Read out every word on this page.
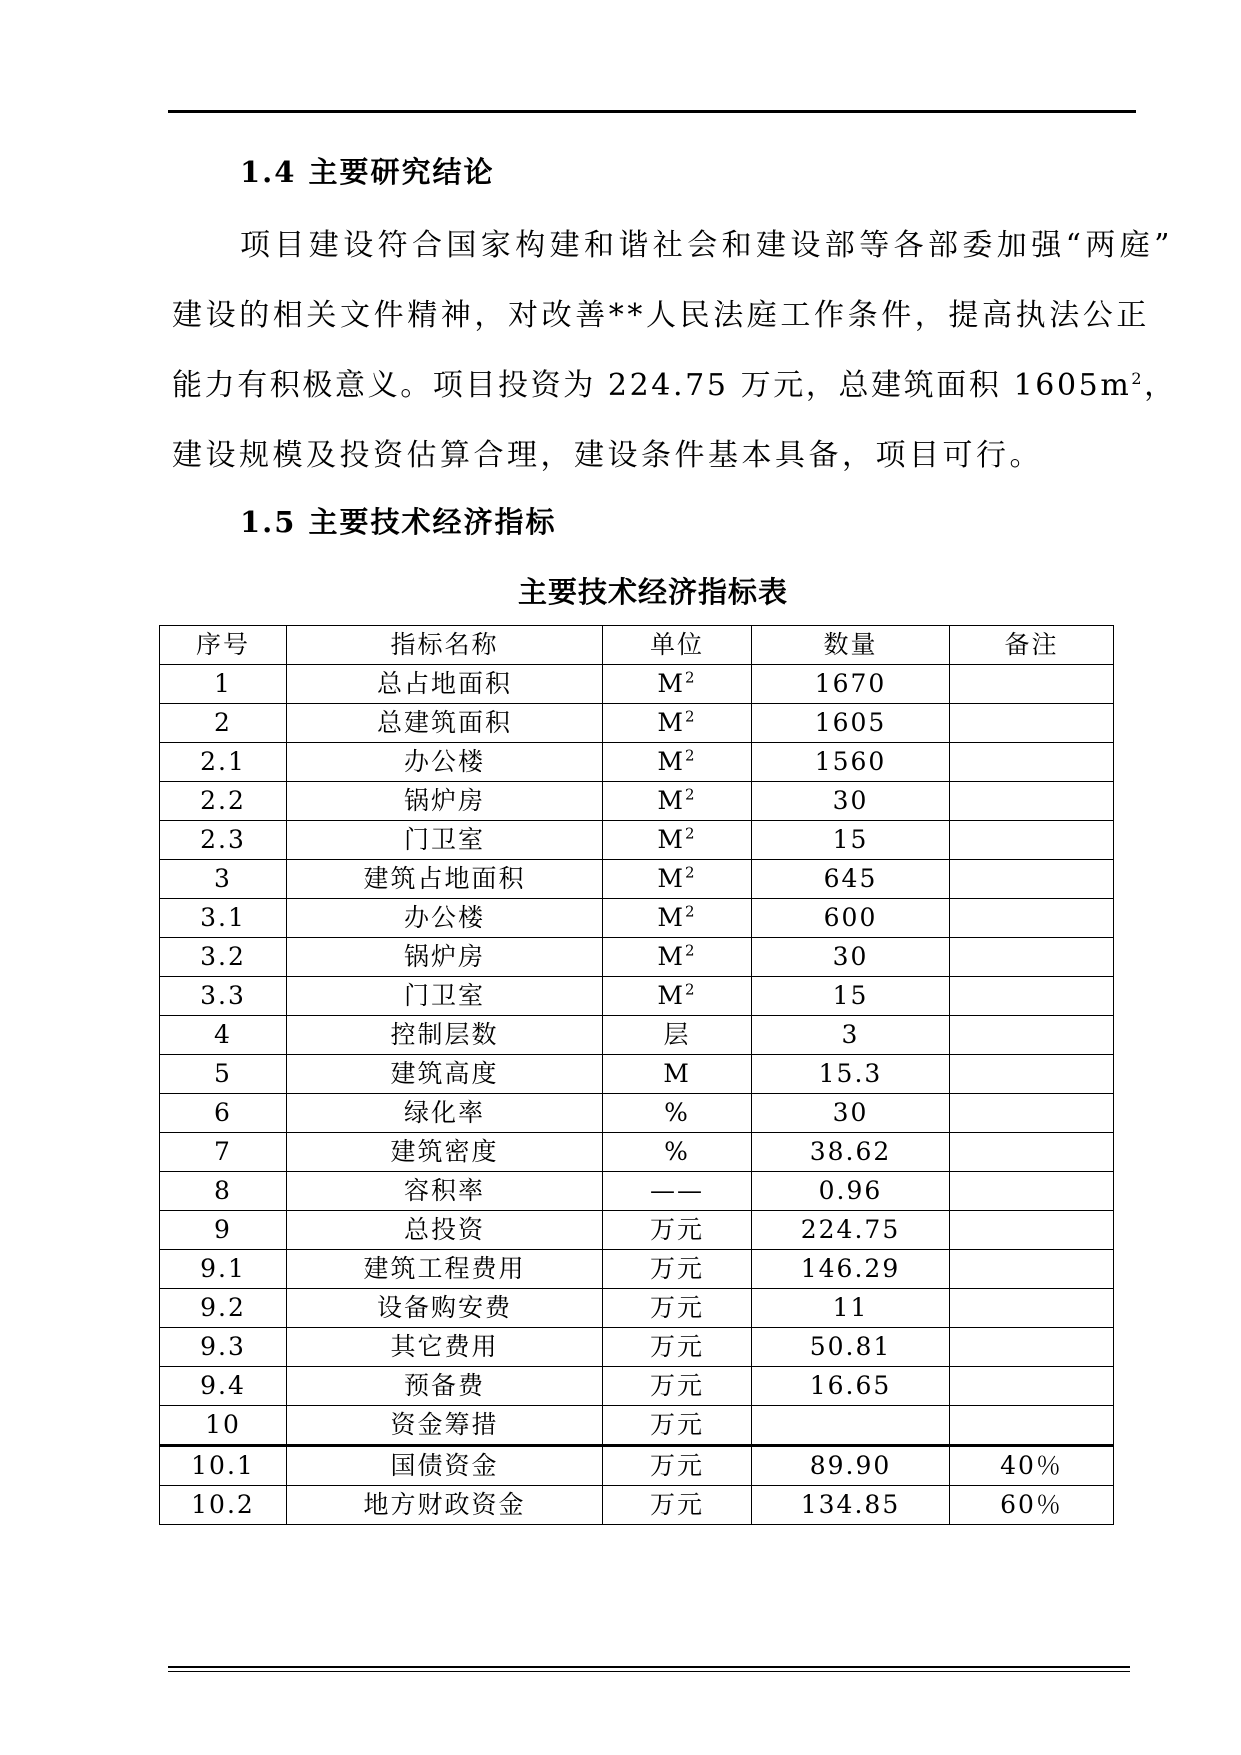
1.4 主要研究结论
项目建设符合国家构建和谐社会和建设部等各部委加强“两庭”
建设的相关文件精神，对改善**人民法庭工作条件，提高执法公正
能力有积极意义。项目投资为 224.75 万元，总建筑面积 $1605m^2$，
建设规模及投资估算合理，建设条件基本具备，项目可行。
1.5 主要技术经济指标
主要技术经济指标表
序号	指标名称	单位	数量	备注
1	总占地面积	$M^2$	1670	
2	总建筑面积	$M^2$	1605	
2.1	办公楼	$M^2$	1560	
2.2	锅炉房	$M^2$	30	
2.3	门卫室	$M^2$	15	
3	建筑占地面积	$M^2$	645	
3.1	办公楼	$M^2$	600	
3.2	锅炉房	$M^2$	30	
3.3	门卫室	$M^2$	15	
4	控制层数	层	3	
5	建筑高度	M	15.3	
6	绿化率	%	30	
7	建筑密度	%	38.62	
8	容积率	——	0.96	
9	总投资	万元	224.75	
9.1	建筑工程费用	万元	146.29	
9.2	设备购安费	万元	11	
9.3	其它费用	万元	50.81	
9.4	预备费	万元	16.65	
10	资金筹措	万元		
10.1	国债资金	万元	89.90	40％
10.2	地方财政资金	万元	134.85	60％
